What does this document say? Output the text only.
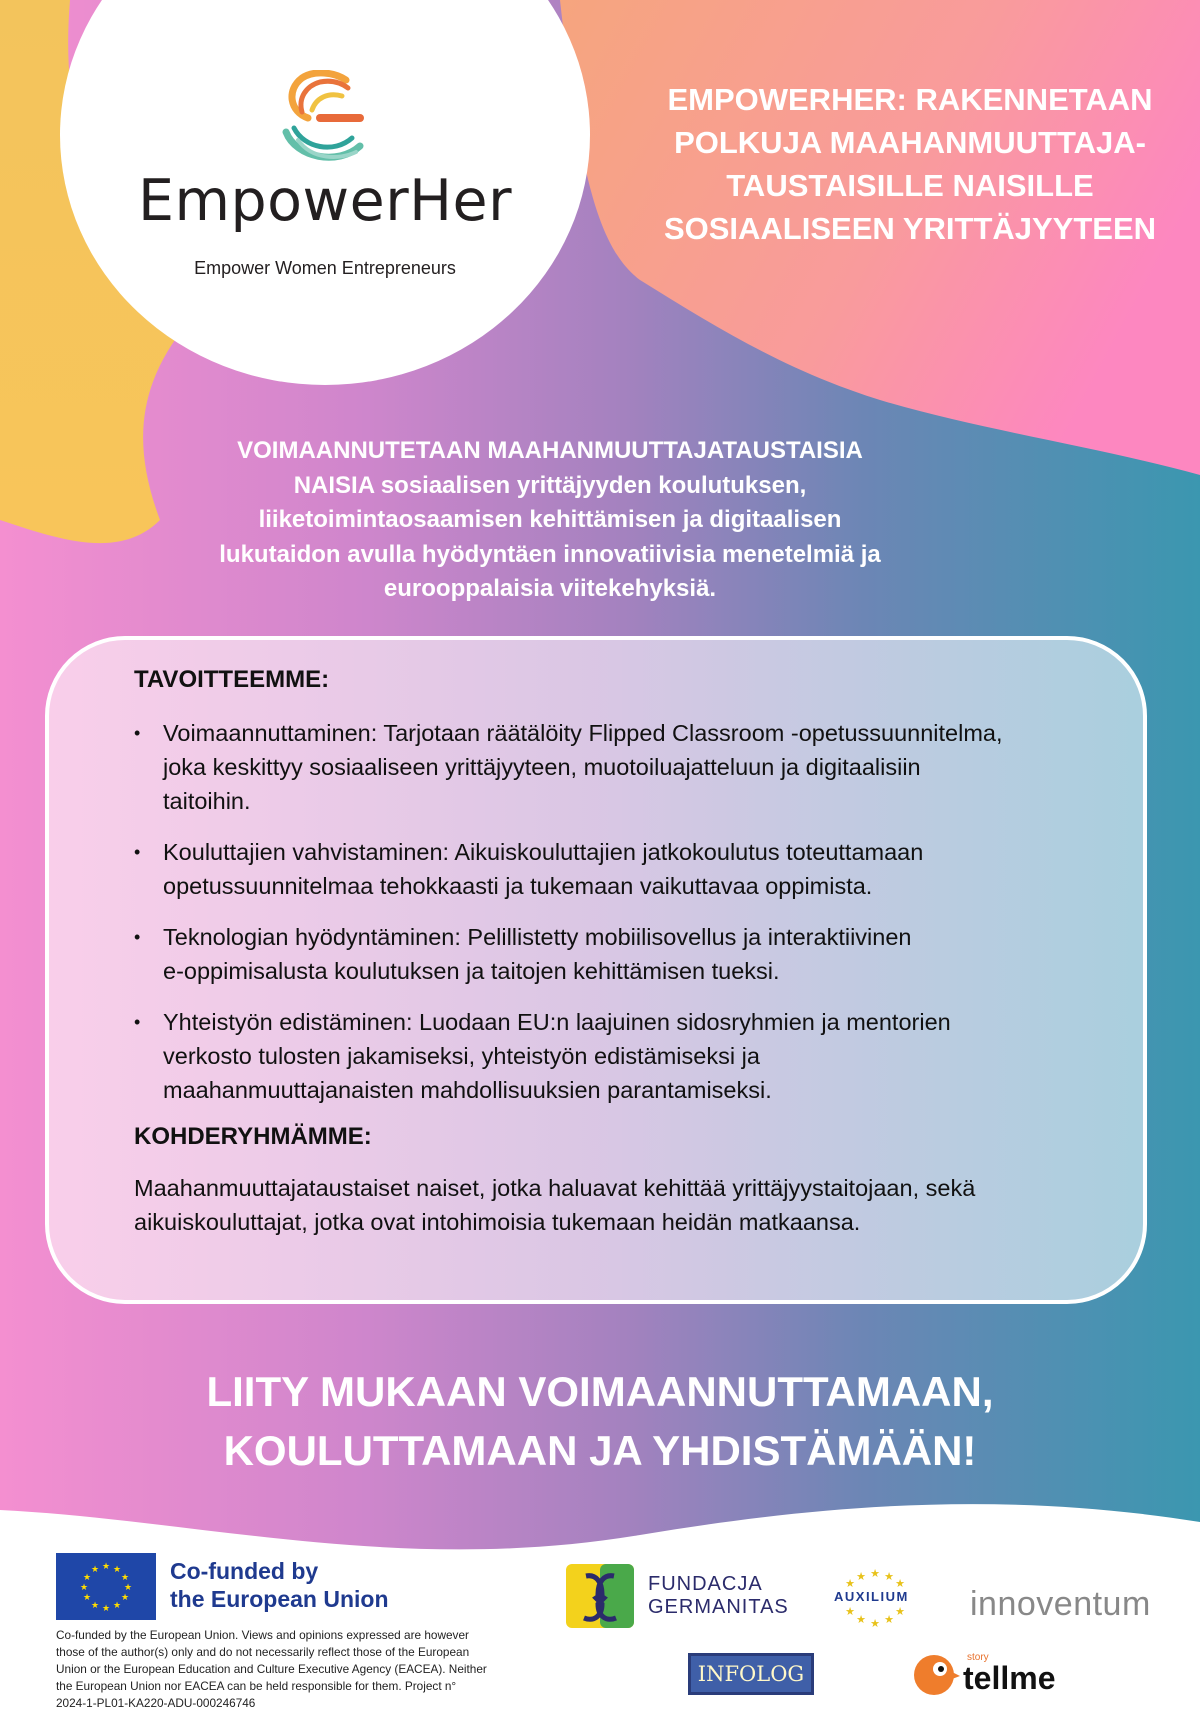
EmpowerHer
Empower Women Entrepreneurs
EMPOWERHER: RAKENNETAAN
POLKUJA MAAHANMUUTTAJA-
TAUSTAISILLE NAISILLE
SOSIAALISEEN YRITTÄJYYTEEN

VOIMAANNUTETAAN MAAHANMUUTTAJATAUSTAISIA
NAISIA sosiaalisen yrittäjyyden koulutuksen,
liiketoimintaosaamisen kehittämisen ja digitaalisen
lukutaidon avulla hyödyntäen innovatiivisia menetelmiä ja
eurooppalaisia viitekehyksiä.

TAVOITTEEMME:
• Voimaannuttaminen: Tarjotaan räätälöity Flipped Classroom -opetussuunnitelma,
joka keskittyy sosiaaliseen yrittäjyyteen, muotoiluajatteluun ja digitaalisiin
taitoihin.
• Kouluttajien vahvistaminen: Aikuiskouluttajien jatkokoulutus toteuttamaan
opetussuunnitelmaa tehokkaasti ja tukemaan vaikuttavaa oppimista.
• Teknologian hyödyntäminen: Pelillistetty mobiilisovellus ja interaktiivinen
e-oppimisalusta koulutuksen ja taitojen kehittämisen tueksi.
• Yhteistyön edistäminen: Luodaan EU:n laajuinen sidosryhmien ja mentorien
verkosto tulosten jakamiseksi, yhteistyön edistämiseksi ja
maahanmuuttajanaisten mahdollisuuksien parantamiseksi.
KOHDERYHMÄMME:

Maahanmuuttajataustaiset naiset, jotka haluavat kehittää yrittäjyystaitojaan, sekä
aikuiskouluttajat, jotka ovat intohimoisia tukemaan heidän matkaansa.

LIITY MUKAAN VOIMAANNUTTAMAAN,
KOULUTTAMAAN JA YHDISTÄMÄÄN!

★ ★
★
★
★
★
★
★
★
★
★
★	Co-funded by
the European Union

Co-funded by the European Union. Views and opinions expressed are however
those of the author(s) only and do not necessarily reflect those of the European
Union or the European Education and Culture Executive Agency (EACEA). Neither
the European Union nor EACEA can be held responsible for them. Project n°
2024-1-PL01-KA220-ADU-000246746

FUNDACJA
GERMANITAS
★ ★
★
★	★
★	★
★ ★
★
AUXILIUM innoventum
INFOLOG
story
tellme
